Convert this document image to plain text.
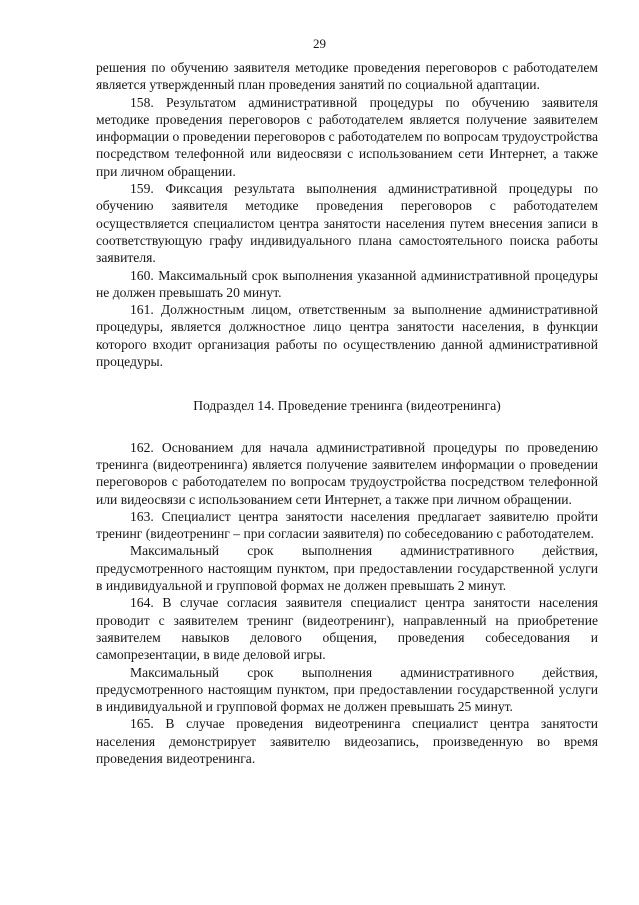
29

решения по обучению заявителя методике проведения переговоров с работодателем является утвержденный план проведения занятий по социальной адаптации.

158. Результатом административной процедуры по обучению заявителя методике проведения переговоров с работодателем является получение заявителем информации о проведении переговоров с работодателем по вопросам трудоустройства посредством телефонной или видеосвязи с использованием сети Интернет, а также при личном обращении.

159. Фиксация результата выполнения административной процедуры по обучению заявителя методике проведения переговоров с работодателем осуществляется специалистом центра занятости населения путем внесения записи в соответствующую графу индивидуального плана самостоятельного поиска работы заявителя.

160. Максимальный срок выполнения указанной административной процедуры не должен превышать 20 минут.

161. Должностным лицом, ответственным за выполнение административной процедуры, является должностное лицо центра занятости населения, в функции которого входит организация работы по осуществлению данной административной процедуры.

Подраздел 14. Проведение тренинга (видеотренинга)

162. Основанием для начала административной процедуры по проведению тренинга (видеотренинга) является получение заявителем информации о проведении переговоров с работодателем по вопросам трудоустройства посредством телефонной или видеосвязи с использованием сети Интернет, а также при личном обращении.

163. Специалист центра занятости населения предлагает заявителю пройти тренинг (видеотренинг – при согласии заявителя) по собеседованию с работодателем.

Максимальный срок выполнения административного действия, предусмотренного настоящим пунктом, при предоставлении государственной услуги в индивидуальной и групповой формах не должен превышать 2 минут.

164. В случае согласия заявителя специалист центра занятости населения проводит с заявителем тренинг (видеотренинг), направленный на приобретение заявителем навыков делового общения, проведения собеседования и самопрезентации, в виде деловой игры.

Максимальный срок выполнения административного действия, предусмотренного настоящим пунктом, при предоставлении государственной услуги в индивидуальной и групповой формах не должен превышать 25 минут.

165. В случае проведения видеотренинга специалист центра занятости населения демонстрирует заявителю видеозапись, произведенную во время проведения видеотренинга.
